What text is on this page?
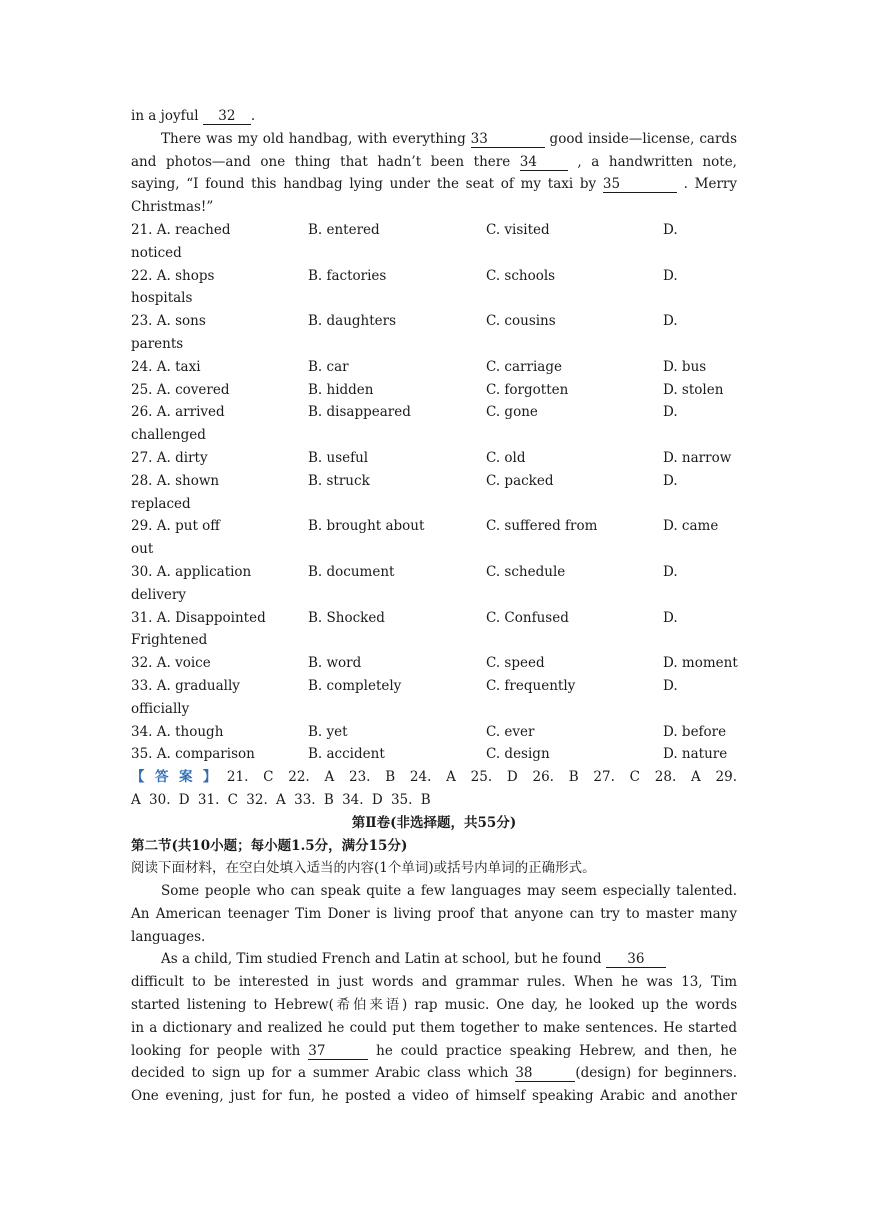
in a joyful 32 .
There was my old handbag, with everything 33	good inside—license, cards
and photos—and one thing that hadn’t been there 34	, a handwritten note,
saying, “I found this handbag lying under the seat of my taxi by 35	. Merry
Christmas!”
21. A. reached	B. entered	C. visited	D.
noticed
22. A. shops	B. factories	C. schools	D.
hospitals
23. A. sons	B. daughters	C. cousins	D.
parents
24. A. taxi	B. car	C. carriage	D. bus
25. A. covered	B. hidden	C. forgotten	D. stolen
26. A. arrived	B. disappeared	C. gone	D.
challenged
27. A. dirty	B. useful	C. old	D. narrow
28. A. shown	B. struck	C. packed	D.
replaced
29. A. put off	B. brought about	C. suffered from	D. came
out
30. A. application	B. document	C. schedule	D.
delivery
31. A. Disappointed	B. Shocked	C. Confused	D.
Frightened
32. A. voice	B. word	C. speed	D. moment
33. A. gradually	B. completely	C. frequently	D.
officially
34. A. though	B. yet	C. ever	D. before
35. A. comparison	B. accident	C. design	D. nature
【答案】21. C 22. A 23. B 24. A 25. D 26. B 27. C 28. A 29.
A 30. D 31. C 32. A 33. B 34. D 35. B
第Ⅱ卷(非选择题，共55分)
第二节(共10小题；每小题1.5分，满分15分)
阅读下面材料，在空白处填入适当的内容(1个单词)或括号内单词的正确形式。
Some people who can speak quite a few languages may seem especially talented.
An American teenager Tim Doner is living proof that anyone can try to master many
languages.
As a child, Tim studied French and Latin at school, but he found 36
difficult to be interested in just words and grammar rules. When he was 13, Tim
started listening to Hebrew(希伯来语) rap music. One day, he looked up the words
in a dictionary and realized he could put them together to make sentences. He started
looking for people with 37	he could practice speaking Hebrew, and then, he
decided to sign up for a summer Arabic class which 38	(design) for beginners.
One evening, just for fun, he posted a video of himself speaking Arabic and another
